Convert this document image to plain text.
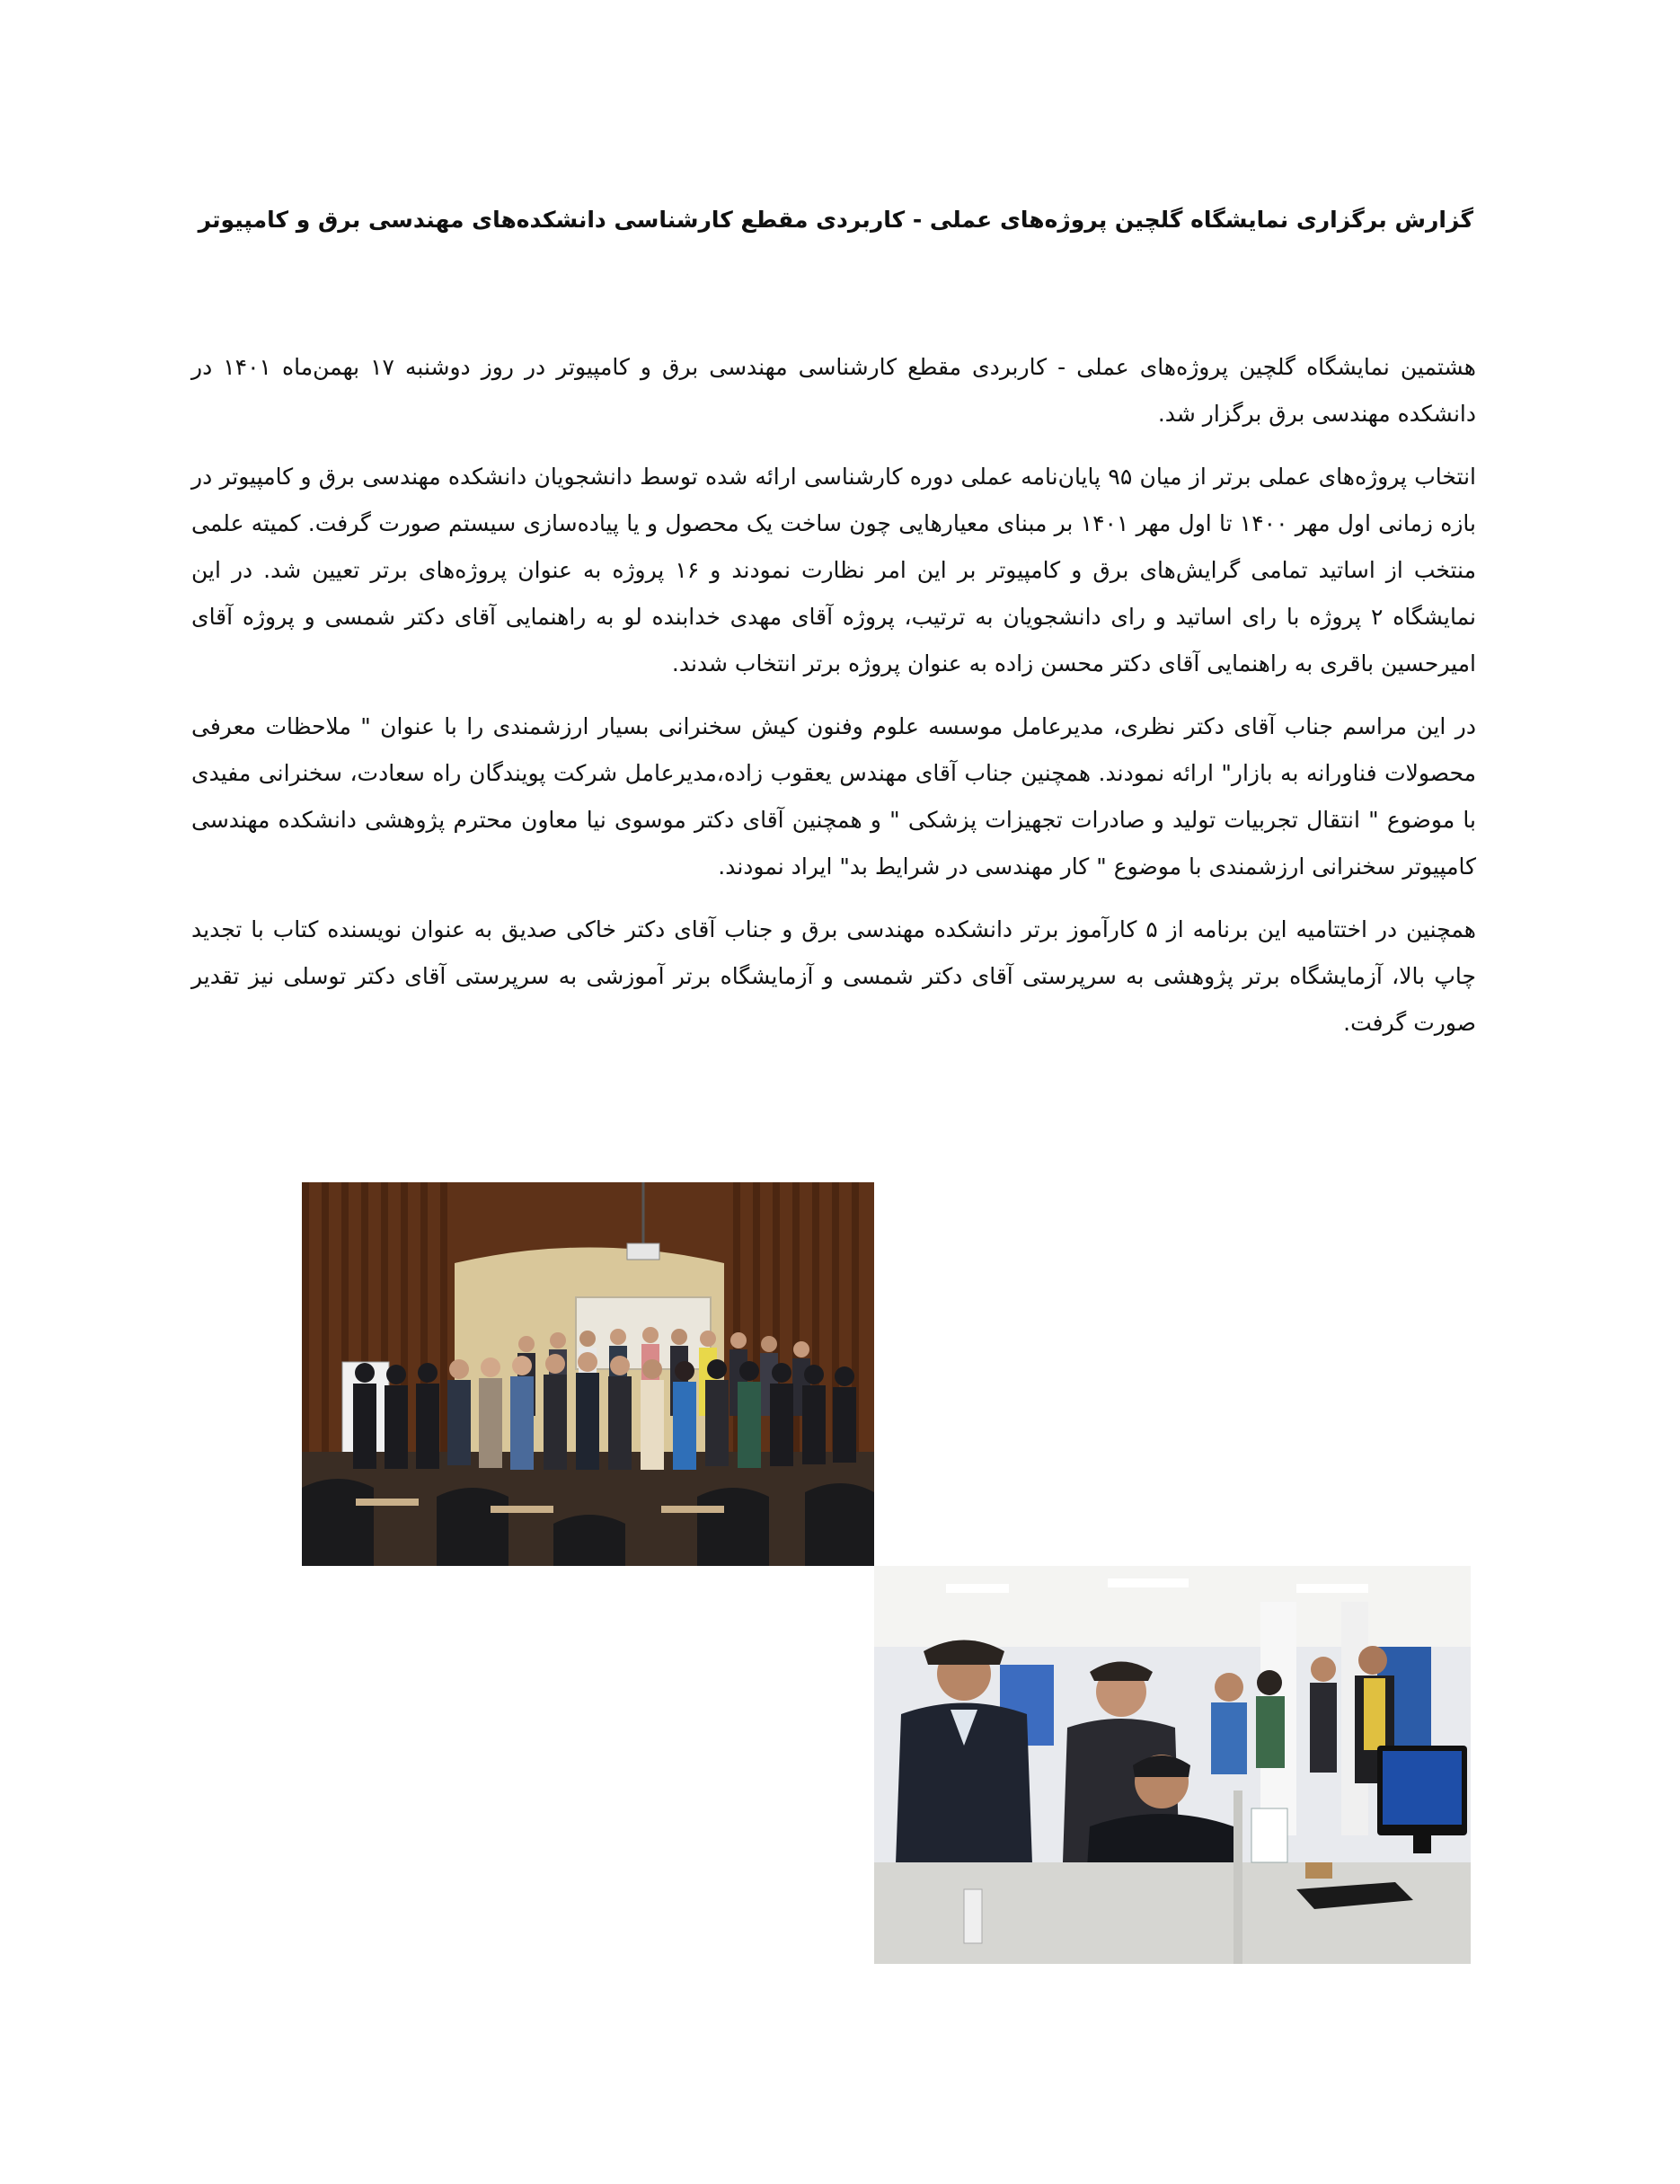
گزارش برگزاری نمایشگاه گلچین پروژه‌های عملی - کاربردی مقطع کارشناسی دانشکده‌های مهندسی برق و کامپیوتر

هشتمین نمایشگاه گلچین پروژه‌های عملی - کاربردی مقطع کارشناسی مهندسی برق و کامپیوتر در روز دوشنبه ۱۷ بهمن‌ماه ۱۴۰۱ در دانشکده مهندسی برق برگزار شد.

انتخاب پروژه‌های عملی برتر از میان ۹۵ پایان‌نامه عملی دوره کارشناسی ارائه شده توسط دانشجویان دانشکده مهندسی برق و کامپیوتر در بازه زمانی اول مهر ۱۴۰۰ تا اول مهر ۱۴۰۱ بر مبنای معیارهایی چون ساخت یک محصول و یا پیاده‌سازی سیستم صورت گرفت. کمیته علمی منتخب از اساتید تمامی گرایش‌های برق و کامپیوتر بر این امر نظارت نمودند و ۱۶ پروژه به عنوان پروژه‌های برتر تعیین شد. در این نمایشگاه ۲ پروژه با رای اساتید و رای دانشجویان به ترتیب، پروژه آقای مهدی خدابنده لو به راهنمایی آقای دکتر شمسی و پروژه آقای امیرحسین باقری به راهنمایی آقای دکتر محسن زاده به عنوان پروژه برتر انتخاب شدند.

در این مراسم جناب آقای دکتر نظری، مدیرعامل موسسه علوم وفنون کیش سخنرانی بسیار ارزشمندی را با عنوان " ملاحظات معرفی محصولات فناورانه به بازار" ارائه نمودند. همچنین جناب آقای مهندس یعقوب زاده،مدیرعامل شرکت پویندگان راه سعادت، سخنرانی مفیدی با موضوع " انتقال تجربیات تولید و صادرات تجهیزات پزشکی " و همچنین آقای دکتر موسوی نیا معاون محترم پژوهشی دانشکده مهندسی کامپیوتر سخنرانی ارزشمندی با موضوع " کار مهندسی در شرایط بد" ایراد نمودند.

همچنین در اختتامیه این برنامه از ۵ کارآموز برتر دانشکده مهندسی برق و جناب آقای دکتر خاکی صدیق به عنوان نویسنده کتاب با تجدید چاپ بالا، آزمایشگاه برتر پژوهشی به سرپرستی آقای دکتر شمسی و آزمایشگاه برتر آموزشی به سرپرستی آقای دکتر توسلی نیز تقدیر صورت گرفت.
